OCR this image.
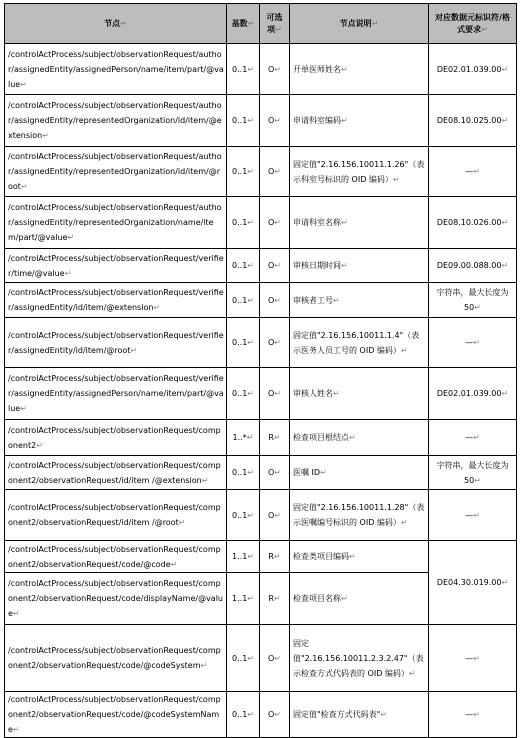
节点↵	基数↵	可选项↵	节点说明↵	对应数据元标识符/格式要求↵
/controlActProcess/subject/observationRequest/author/assignedEntity/assignedPerson/name/item/part/@value↵	0..1↵	O↵	开单医师姓名↵	DE02.01.039.00↵
/controlActProcess/subject/observationRequest/author/assignedEntity/representedOrganization/id/item/@extension↵	0..1↵	O↵	申请科室编码↵	DE08.10.025.00↵
/controlActProcess/subject/observationRequest/author/assignedEntity/representedOrganization/id/item/@root↵	0..1↵	O↵	固定值"2.16.156.10011.1.26"（表示科室号标识的 OID 编码）↵	—↵
/controlActProcess/subject/observationRequest/author/assignedEntity/representedOrganization/name/item/part/@value↵	0..1↵	O↵	申请科室名称↵	DE08.10.026.00↵
/controlActProcess/subject/observationRequest/verifier/time/@value↵	0..1↵	O↵	审核日期时间↵	DE09.00.088.00↵
/controlActProcess/subject/observationRequest/verifier/assignedEntity/id/item/@extension↵	0..1↵	O↵	审核者工号↵	字符串，最大长度为 50↵
/controlActProcess/subject/observationRequest/verifier/assignedEntity/id/item/@root↵	0..1↵	O↵	固定值"2.16.156.10011.1.4"（表示医务人员工号的 OID 编码）↵	—↵
/controlActProcess/subject/observationRequest/verifier/assignedEntity/assignedPerson/name/item/part/@value↵	0..1↵	O↵	审核人姓名↵	DE02.01.039.00↵
/controlActProcess/subject/observationRequest/component2↵	1..*↵	R↵	检查项目根结点↵	—↵
/controlActProcess/subject/observationRequest/component2/observationRequest/id/item /@extension↵	0..1↵	O↵	医嘱 ID↵	字符串，最大长度为 50↵
/controlActProcess/subject/observationRequest/component2/observationRequest/id/item /@root↵	0..1↵	O↵	固定值"2.16.156.10011.1.28"（表示医嘱编号标识的 OID 编码）↵	—↵
/controlActProcess/subject/observationRequest/component2/observationRequest/code/@code↵	1..1↵	R↵	检查类项目编码↵	DE04.30.019.00↵
/controlActProcess/subject/observationRequest/component2/observationRequest/code/displayName/@value↵	1..1↵	R↵	检查项目名称↵	
/controlActProcess/subject/observationRequest/component2/observationRequest/code/@codeSystem↵	0..1↵	O↵	固定值"2.16.156.10011.2.3.2.47"（表示检查方式代码表的 OID 编码）↵	—↵
/controlActProcess/subject/observationRequest/component2/observationRequest/code/@codeSystemName↵	0..1↵	O↵	固定值"检查方式代码表"↵	—↵
